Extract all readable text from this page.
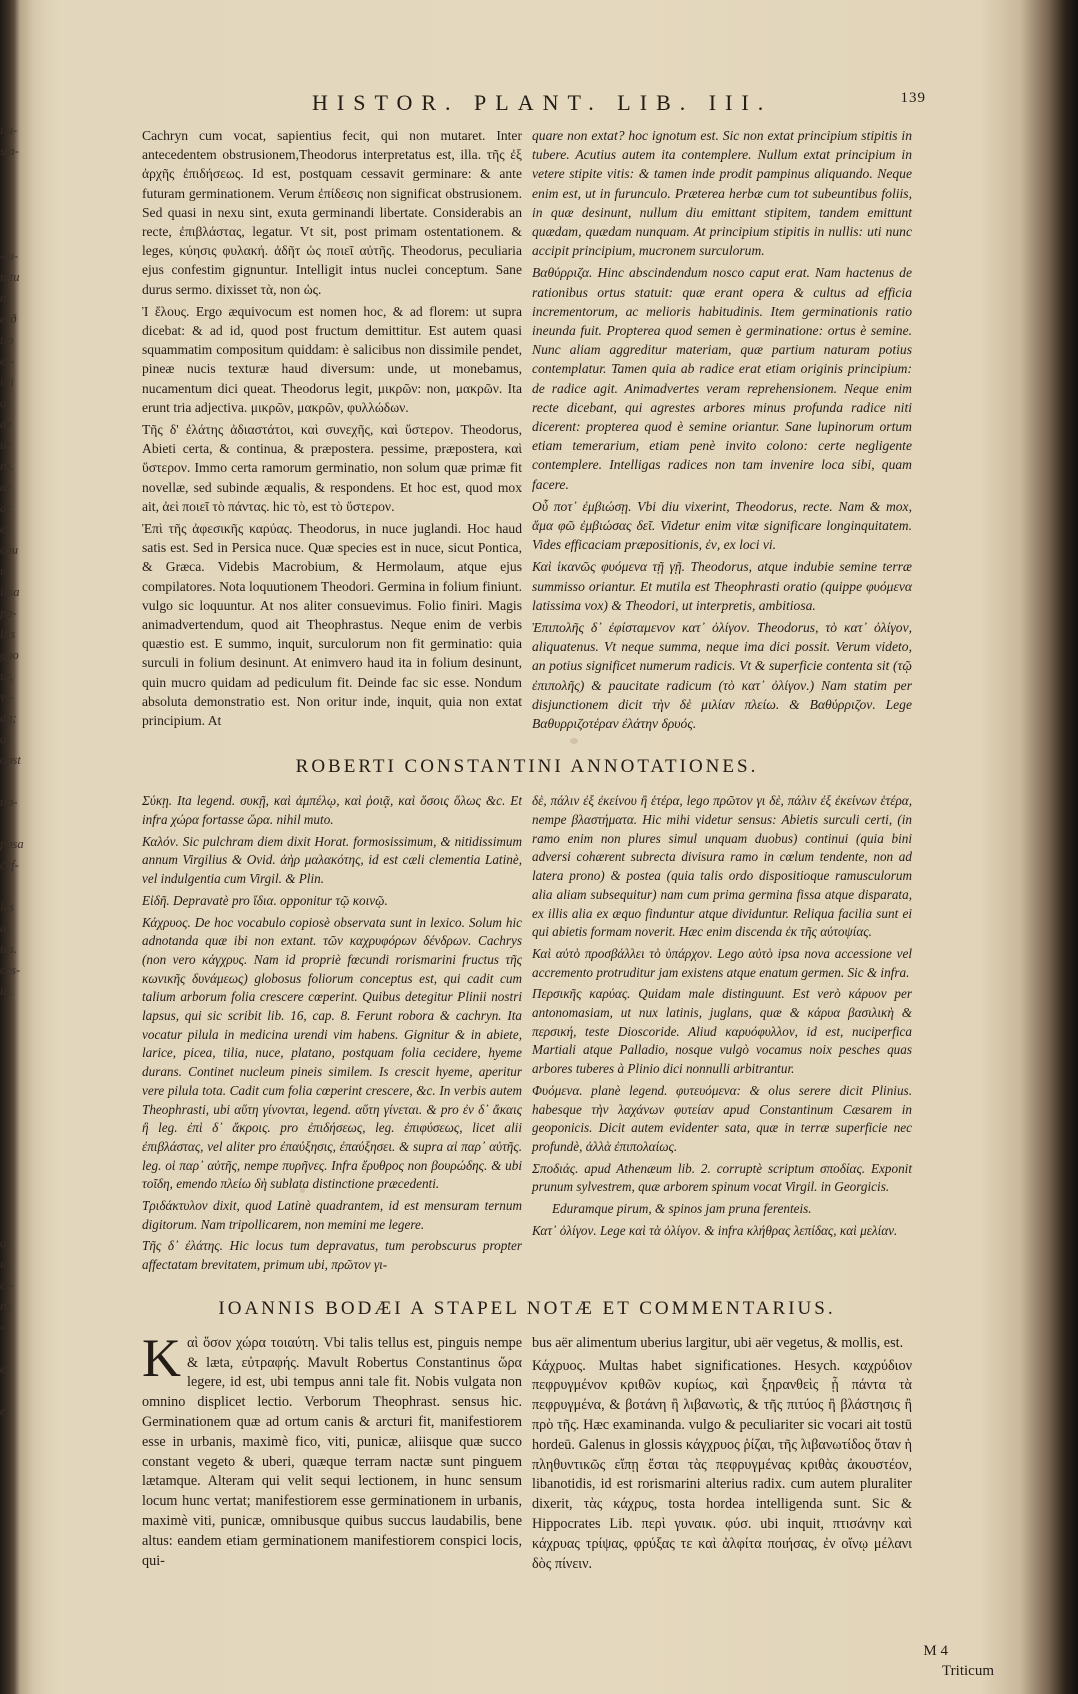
i u-
sta-
-tu-
nitu
n
erð
tio
er-
illi
a,
de
ur
ns.
ar
ar
er
cau
u
issa
pa-
llis
guo
ur,
vi-
dq;
a-
oost
tio-
ppsa
cef-
lês
a-
tes.
ccs-
ta.
a-
u-
ci-
ns
-
e.
e.
HISTOR. PLANT. LIB. III.	139

Cachryn cum vocat, sapientius fecit, qui non mutaret. Inter antecedentem obstrusionem,Theodorus interpretatus est, illa. τῆς ἐξ ἀρχῆς ἐπιδήσεως. Id est, postquam cessavit germinare: & ante futuram germinationem. Verum ἐπίδεσις non significat obstrusionem. Sed quasi in nexu sint, exuta germinandi libertate. Considerabis an recte, ἐπιβλάστας, legatur. Vt sit, post primam ostentationem. & leges, κύησις φυλακή. ἀδῆτ ὡς ποιεῖ αὐτῆς. Theodorus, peculiaria ejus confestim gignuntur. Intelligit intus nuclei conceptum. Sane durus sermo. dixisset τὰ, non ὡς.

Ἰ ἔλους. Ergo æquivocum est nomen hoc, & ad florem: ut supra dicebat: & ad id, quod post fructum demittitur. Est autem quasi squammatim compositum quiddam: è salicibus non dissimile pendet, pineæ nucis texturæ haud diversum: unde, ut monebamus, nucamentum dici queat. Theodorus legit, μικρῶν: non, μακρῶν. Ita erunt tria adjectiva. μικρῶν, μακρῶν, φυλλώδων.

Τῆς δ' ἐλάτης ἀδιαστάτοι, καὶ συνεχῆς, καὶ ὕστερον. Theodorus, Abieti certa, & continua, & præpostera. pessime, præpostera, καὶ ὕστερον. Immo certa ramorum germinatio, non solum quæ primæ fit novellæ, sed subinde æqualis, & respondens. Et hoc est, quod mox ait, ἀεὶ ποιεῖ τὸ πάντας. hic τὸ, est τὸ ὕστερον.

Ἐπὶ τῆς ἀφεσικῆς καρύας. Theodorus, in nuce juglandi. Hoc haud satis est. Sed in Persica nuce. Quæ species est in nuce, sicut Pontica, & Græca. Videbis Macrobium, & Hermolaum, atque ejus compilatores. Nota loquutionem Theodori. Germina in folium finiunt. vulgo sic loquuntur. At nos aliter consuevimus. Folio finiri. Magis animadvertendum, quod ait Theophrastus. Neque enim de verbis quæstio est. E summo, inquit, surculorum non fit germinatio: quia surculi in folium desinunt. At enimvero haud ita in folium desinunt, quin mucro quidam ad pediculum fit. Deinde fac sic esse. Nondum absoluta demonstratio est. Non oritur inde, inquit, quia non extat principium. At

quare non extat? hoc ignotum est. Sic non extat principium stipitis in tubere. Acutius autem ita contemplere. Nullum extat principium in vetere stipite vitis: & tamen inde prodit pampinus aliquando. Neque enim est, ut in furunculo. Præterea herbæ cum tot subeuntibus foliis, in quæ desinunt, nullum diu emittant stipitem, tandem emittunt quædam, quædam nunquam. At principium stipitis in nullis: uti nunc accipit principium, mucronem surculorum.

Βαθύρριζα. Hinc abscindendum nosco caput erat. Nam hactenus de rationibus ortus statuit: quæ erant opera & cultus ad efficia incrementorum, ac melioris habitudinis. Item germinationis ratio ineunda fuit. Propterea quod semen è germinatione: ortus è semine. Nunc aliam aggreditur materiam, quæ partium naturam potius contemplatur. Tamen quia ab radice erat etiam originis principium: de radice agit. Animadvertes veram reprehensionem. Neque enim recte dicebant, qui agrestes arbores minus profunda radice niti dicerent: propterea quod è semine oriantur. Sane lupinorum ortum etiam temerarium, etiam penè invito colono: certe negligente contemplere. Intelligas radices non tam invenire loca sibi, quam facere.

Οὗ ποτ᾽ ἐμβιώσῃ. Vbi diu vixerint, Theodorus, recte. Nam & mox, ἅμα φῶ ἐμβιώσας δεῖ. Videtur enim vitæ significare longinquitatem. Vides efficaciam præpositionis, ἐν, ex loci vi.

Καὶ ἱκανῶς φυόμενα τῇ γῇ. Theodorus, atque indubie semine terræ summisso oriantur. Et mutila est Theophrasti oratio (quippe φυόμενα latissima vox) & Theodori, ut interpretis, ambitiosa.

Ἐπιπολῆς δ᾽ ἐφίσταμενον κατ᾽ ὀλίγον. Theodorus, τὸ κατ᾽ ὀλίγον, aliquatenus. Vt neque summa, neque ima dici possit. Verum videto, an potius significet numerum radicis. Vt & superficie contenta sit (τῷ ἐπιπολῆς) & paucitate radicum (τὸ κατ᾽ ὀλίγον.) Nam statim per disjunctionem dicit τὴν δὲ μιλίαν πλείω. & Βαθύρριζον. Lege Βαθυρριζοτέραν ἐλάτην δρυός.

ROBERTI CONSTANTINI ANNOTATIONES.

Σύκῃ. Ita legend. συκῇ, καὶ ἀμπέλῳ, καὶ ῥοιᾷ, καὶ ὅσοις ὅλως &c. Et infra χώρα fortasse ὥρα. nihil muto.

Καλόν. Sic pulchram diem dixit Horat. formosissimum, & nitidissimum annum Virgilius & Ovid. ἀὴρ μαλακότης, id est cæli clementia Latinè, vel indulgentia cum Virgil. & Plin.

Εἰδῆ. Depravatè pro ἴδια. opponitur τῷ κοινῷ.

Κάχρυος. De hoc vocabulo copiosè observata sunt in lexico. Solum hic adnotanda quæ ibi non extant. τῶν καχρυφόρων δένδρων. Cachrys (non vero κάγχρυς. Nam id propriè fœcundi rorismarini fructus τῆς κωνικῆς δυνάμεως) globosus foliorum conceptus est, qui cadit cum talium arborum folia crescere cœperint. Quibus detegitur Plinii nostri lapsus, qui sic scribit lib. 16, cap. 8. Ferunt robora & cachryn. Ita vocatur pilula in medicina urendi vim habens. Gignitur & in abiete, larice, picea, tilia, nuce, platano, postquam folia cecidere, hyeme durans. Continet nucleum pineis similem. Is crescit hyeme, aperitur vere pilula tota. Cadit cum folia cœperint crescere, &c. In verbis autem Theophrasti, ubi αὕτη γίνονται, legend. αὕτη γίνεται. & pro ἐν δ᾽ ἄκαις ἢ leg. ἐπὶ δ᾽ ἄκροις. pro ἐπιδήσεως, leg. ἐπιφύσεως, licet alii ἐπιβλάστας, vel aliter pro ἐπαύξησις, ἐπαύξησει. & supra αἱ παρ᾽ αὐτῆς. leg. οἱ παρ᾽ αὐτῆς, nempe πυρῆνες. Infra ἔρυθρος non βουρώδης. & ubi τοῖδη, emendo πλείω δὴ sublata distinctione præcedenti.

Τριδάκτυλον dixit, quod Latinè quadrantem, id est mensuram ternum digitorum. Nam tripollicarem, non memini me legere.

Τῆς δ᾽ ἐλάτης. Hic locus tum depravatus, tum perobscurus propter affectatam brevitatem, primum ubi, πρῶτον γι-

δὲ, πάλιν ἐξ ἐκείνου ἢ ἑτέρα, lego πρῶτον γι δὲ, πάλιν ἐξ ἐκείνων ἑτέρα, nempe βλαστήματα. Hic mihi videtur sensus: Abietis surculi certi, (in ramo enim non plures simul unquam duobus) continui (quia bini adversi cohærent subrecta divisura ramo in cœlum tendente, non ad latera prono) & postea (quia talis ordo dispositioque ramusculorum alia aliam subsequitur) nam cum prima germina fissa atque disparata, ex illis alia ex æquo finduntur atque dividuntur. Reliqua facilia sunt ei qui abietis formam noverit. Hæc enim discenda ἐκ τῆς αὐτοψίας.

Καὶ αὐτὸ προσβάλλει τὸ ὑπάρχον. Lego αὐτὸ ipsa nova accessione vel accremento protruditur jam existens atque enatum germen. Sic & infra.

Περσικῆς καρύας. Quidam male distinguunt. Est verò κάρυον per antonomasiam, ut nux latinis, juglans, quæ & κάρυα βασιλικὴ & περσική, teste Dioscoride. Aliud καρυόφυλλον, id est, nuciperfica Martiali atque Palladio, nosque vulgò vocamus noix pesches quas arbores tuberes à Plinio dici nonnulli arbitrantur.

Φυόμενα. planè legend. φυτευόμενα: & olus serere dicit Plinius. habesque τὴν λαχάνων φυτείαν apud Constantinum Cæsarem in geoponicis. Dicit autem evidenter sata, quæ in terræ superficie nec profundè, ἀλλὰ ἐπιπολαίως.

Σποδιάς. apud Athenæum lib. 2. corruptè scriptum σποδίας. Exponit prunum sylvestrem, quæ arborem spinum vocat Virgil. in Georgicis.

Eduramque pirum, & spinos jam pruna ferenteis.

Κατ᾽ ὀλίγον. Lege καὶ τὰ ὀλίγον. & infra κλήθρας λεπίδας, καὶ μελίαν.

IOANNIS BODÆI A STAPEL NOTÆ ET COMMENTARIUS.

Kαὶ ὅσον χώρα τοιαύτη. Vbi talis tellus est, pinguis nempe & læta, εὐτραφής. Mavult Robertus Constantinus ὥρα legere, id est, ubi tempus anni tale fit. Nobis vulgata non omnino displicet lectio. Verborum Theophrast. sensus hic. Germinationem quæ ad ortum canis & arcturi fit, manifestiorem esse in urbanis, maximè fico, viti, punicæ, aliisque quæ succo constant vegeto & uberi, quæque terram nactæ sunt pinguem lætamque. Alteram qui velit sequi lectionem, in hunc sensum locum hunc vertat; manifestiorem esse germinationem in urbanis, maximè viti, punicæ, omnibusque quibus succus laudabilis, bene altus: eandem etiam germinationem manifestiorem conspici locis, qui-

bus aër alimentum uberius largitur, ubi aër vegetus, & mollis, est.

Κάχρυος. Multas habet significationes. Hesych. καχρύδιον πεφρυγμένον κριθῶν κυρίως, καὶ ξηρανθεὶς ᾗ πάντα τὰ πεφρυγμένα, & βοτάνη ἢ λιβανωτὶς, & τῆς πιτύος ἢ βλάστησις ἢ πρὸ τῆς. Hæc examinanda. vulgo & peculiariter sic vocari ait tostū hordeū. Galenus in glossis κάγχρυος ῥίζαι, τῆς λιβανωτίδος ὅταν ἡ πληθυντικῶς εἴπῃ ἔσται τὰς πεφρυγμένας κριθὰς ἀκουστέον, libanotidis, id est rorismarini alterius radix. cum autem pluraliter dixerit, τὰς κάχρυς, tosta hordea intelligenda sunt. Sic & Hippocrates Lib. περὶ γυναικ. φύσ. ubi inquit, πτισάνην καὶ κάχρυας τρίψας, φρύξας τε καὶ ἀλφίτα ποιήσας, ἐν οἴνῳ μέλανι δὸς πίνειν.

M 4
Triticum
